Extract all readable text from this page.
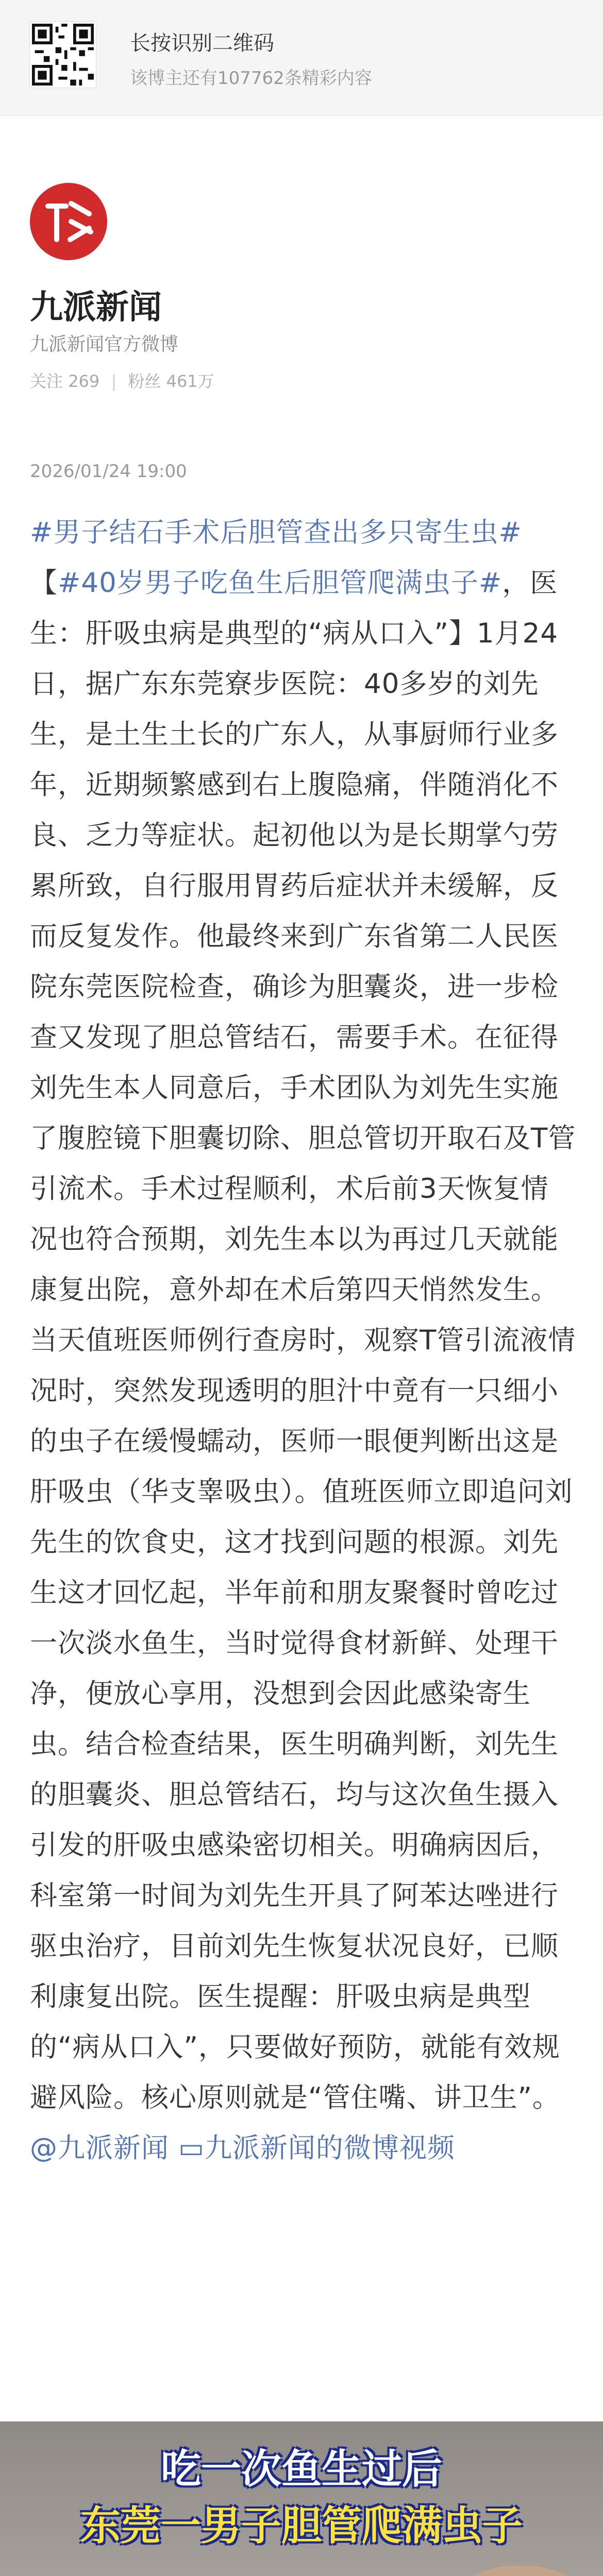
长按识别二维码
该博主还有107762条精彩内容
九派新闻
九派新闻官方微博
关注 269 | 粉丝 461万
2026/01/24 19:00
#男子结石手术后胆管查出多只寄生虫#
【#40岁男子吃鱼生后胆管爬满虫子#，医生：肝吸虫病是典型的“病从口入”】1月24日，据广东东莞寮步医院：40多岁的刘先生，是土生土长的广东人，从事厨师行业多年，近期频繁感到右上腹隐痛，伴随消化不良、乏力等症状。起初他以为是长期掌勺劳累所致，自行服用胃药后症状并未缓解，反而反复发作。他最终来到广东省第二人民医院东莞医院检查，确诊为胆囊炎，进一步检查又发现了胆总管结石，需要手术。在征得刘先生本人同意后，手术团队为刘先生实施了腹腔镜下胆囊切除、胆总管切开取石及T管引流术。手术过程顺利，术后前3天恢复情况也符合预期，刘先生本以为再过几天就能康复出院，意外却在术后第四天悄然发生。当天值班医师例行查房时，观察T管引流液情况时，突然发现透明的胆汁中竟有一只细小的虫子在缓慢蠕动，医师一眼便判断出这是肝吸虫（华支睾吸虫）。值班医师立即追问刘先生的饮食史，这才找到问题的根源。刘先生这才回忆起，半年前和朋友聚餐时曾吃过一次淡水鱼生，当时觉得食材新鲜、处理干净，便放心享用，没想到会因此感染寄生虫。结合检查结果，医生明确判断，刘先生的胆囊炎、胆总管结石，均与这次鱼生摄入引发的肝吸虫感染密切相关。明确病因后，科室第一时间为刘先生开具了阿苯达唑进行驱虫治疗，目前刘先生恢复状况良好，已顺利康复出院。医生提醒：肝吸虫病是典型的“病从口入”，只要做好预防，就能有效规避风险。核心原则就是“管住嘴、讲卫生”。@九派新闻 ▭九派新闻的微博视频
吃一次鱼生过后
东莞一男子胆管爬满虫子
